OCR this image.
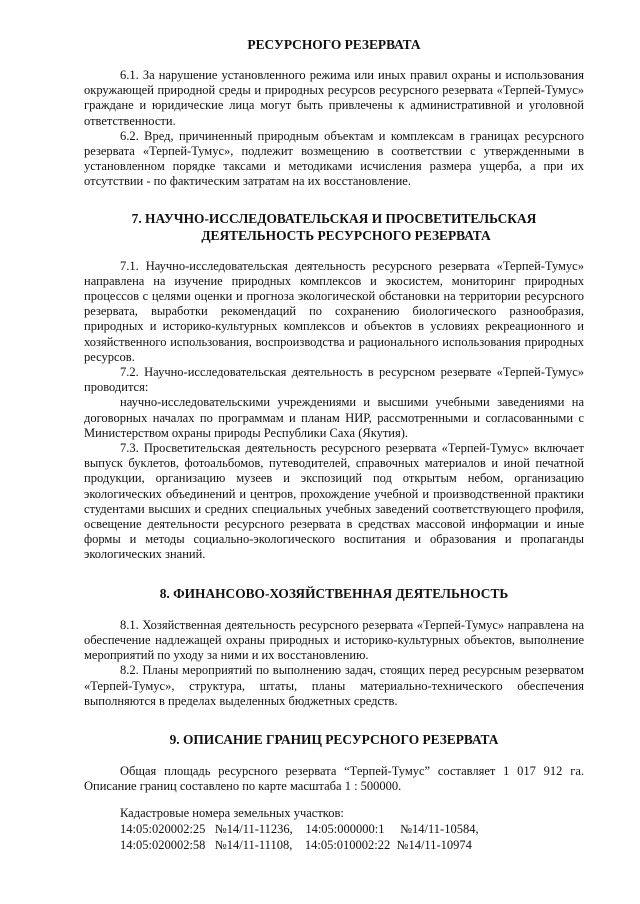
РЕСУРСНОГО РЕЗЕРВАТА

6.1. За нарушение установленного режима или иных правил охраны и использования окружающей природной среды и природных ресурсов ресурсного резервата «Терпей-Тумус» граждане и юридические лица могут быть привлечены к административной и уголовной ответственности.

6.2. Вред, причиненный природным объектам и комплексам в границах ресурсного резервата «Терпей-Тумус», подлежит возмещению в соответствии с утвержденными в установленном порядке таксами и методиками исчисления размера ущерба, а при их отсутствии - по фактическим затратам на их восстановление.

7. НАУЧНО-ИССЛЕДОВАТЕЛЬСКАЯ И ПРОСВЕТИТЕЛЬСКАЯ
ДЕЯТЕЛЬНОСТЬ РЕСУРСНОГО РЕЗЕРВАТА

7.1. Научно-исследовательская деятельность ресурсного резервата «Терпей-Тумус» направлена на изучение природных комплексов и экосистем, мониторинг природных процессов с целями оценки и прогноза экологической обстановки на территории ресурсного резервата, выработки рекомендаций по сохранению биологического разнообразия, природных и историко-культурных комплексов и объектов в условиях рекреационного и хозяйственного использования, воспроизводства и рационального использования природных ресурсов.

7.2. Научно-исследовательская деятельность в ресурсном резервате «Терпей-Тумус» проводится:

научно-исследовательскими учреждениями и высшими учебными заведениями на договорных началах по программам и планам НИР, рассмотренными и согласованными с Министерством охраны природы Республики Саха (Якутия).

7.3. Просветительская деятельность ресурсного резервата «Терпей-Тумус» включает выпуск буклетов, фотоальбомов, путеводителей, справочных материалов и иной печатной продукции, организацию музеев и экспозиций под открытым небом, организацию экологических объединений и центров, прохождение учебной и производственной практики студентами высших и средних специальных учебных заведений соответствующего профиля, освещение деятельности ресурсного резервата в средствах массовой информации и иные формы и методы социально-экологического воспитания и образования и пропаганды экологических знаний.

8. ФИНАНСОВО-ХОЗЯЙСТВЕННАЯ ДЕЯТЕЛЬНОСТЬ

8.1. Хозяйственная деятельность ресурсного резервата «Терпей-Тумус» направлена на обеспечение надлежащей охраны природных и историко-культурных объектов, выполнение мероприятий по уходу за ними и их восстановлению.

8.2. Планы мероприятий по выполнению задач, стоящих перед ресурсным резерватом «Терпей-Тумус», структура, штаты, планы материально-технического обеспечения выполняются в пределах выделенных бюджетных средств.

9. ОПИСАНИЕ ГРАНИЦ РЕСУРСНОГО РЕЗЕРВАТА

Общая площадь ресурсного резервата “Терпей-Тумус” составляет 1 017 912 га. Описание границ составлено по карте масштаба 1 : 500000.

Кадастровые номера земельных участков:
14:05:020002:25 №14/11-11236, 14:05:000000:1 №14/11-10584,
14:05:020002:58 №14/11-11108, 14:05:010002:22 №14/11-10974
